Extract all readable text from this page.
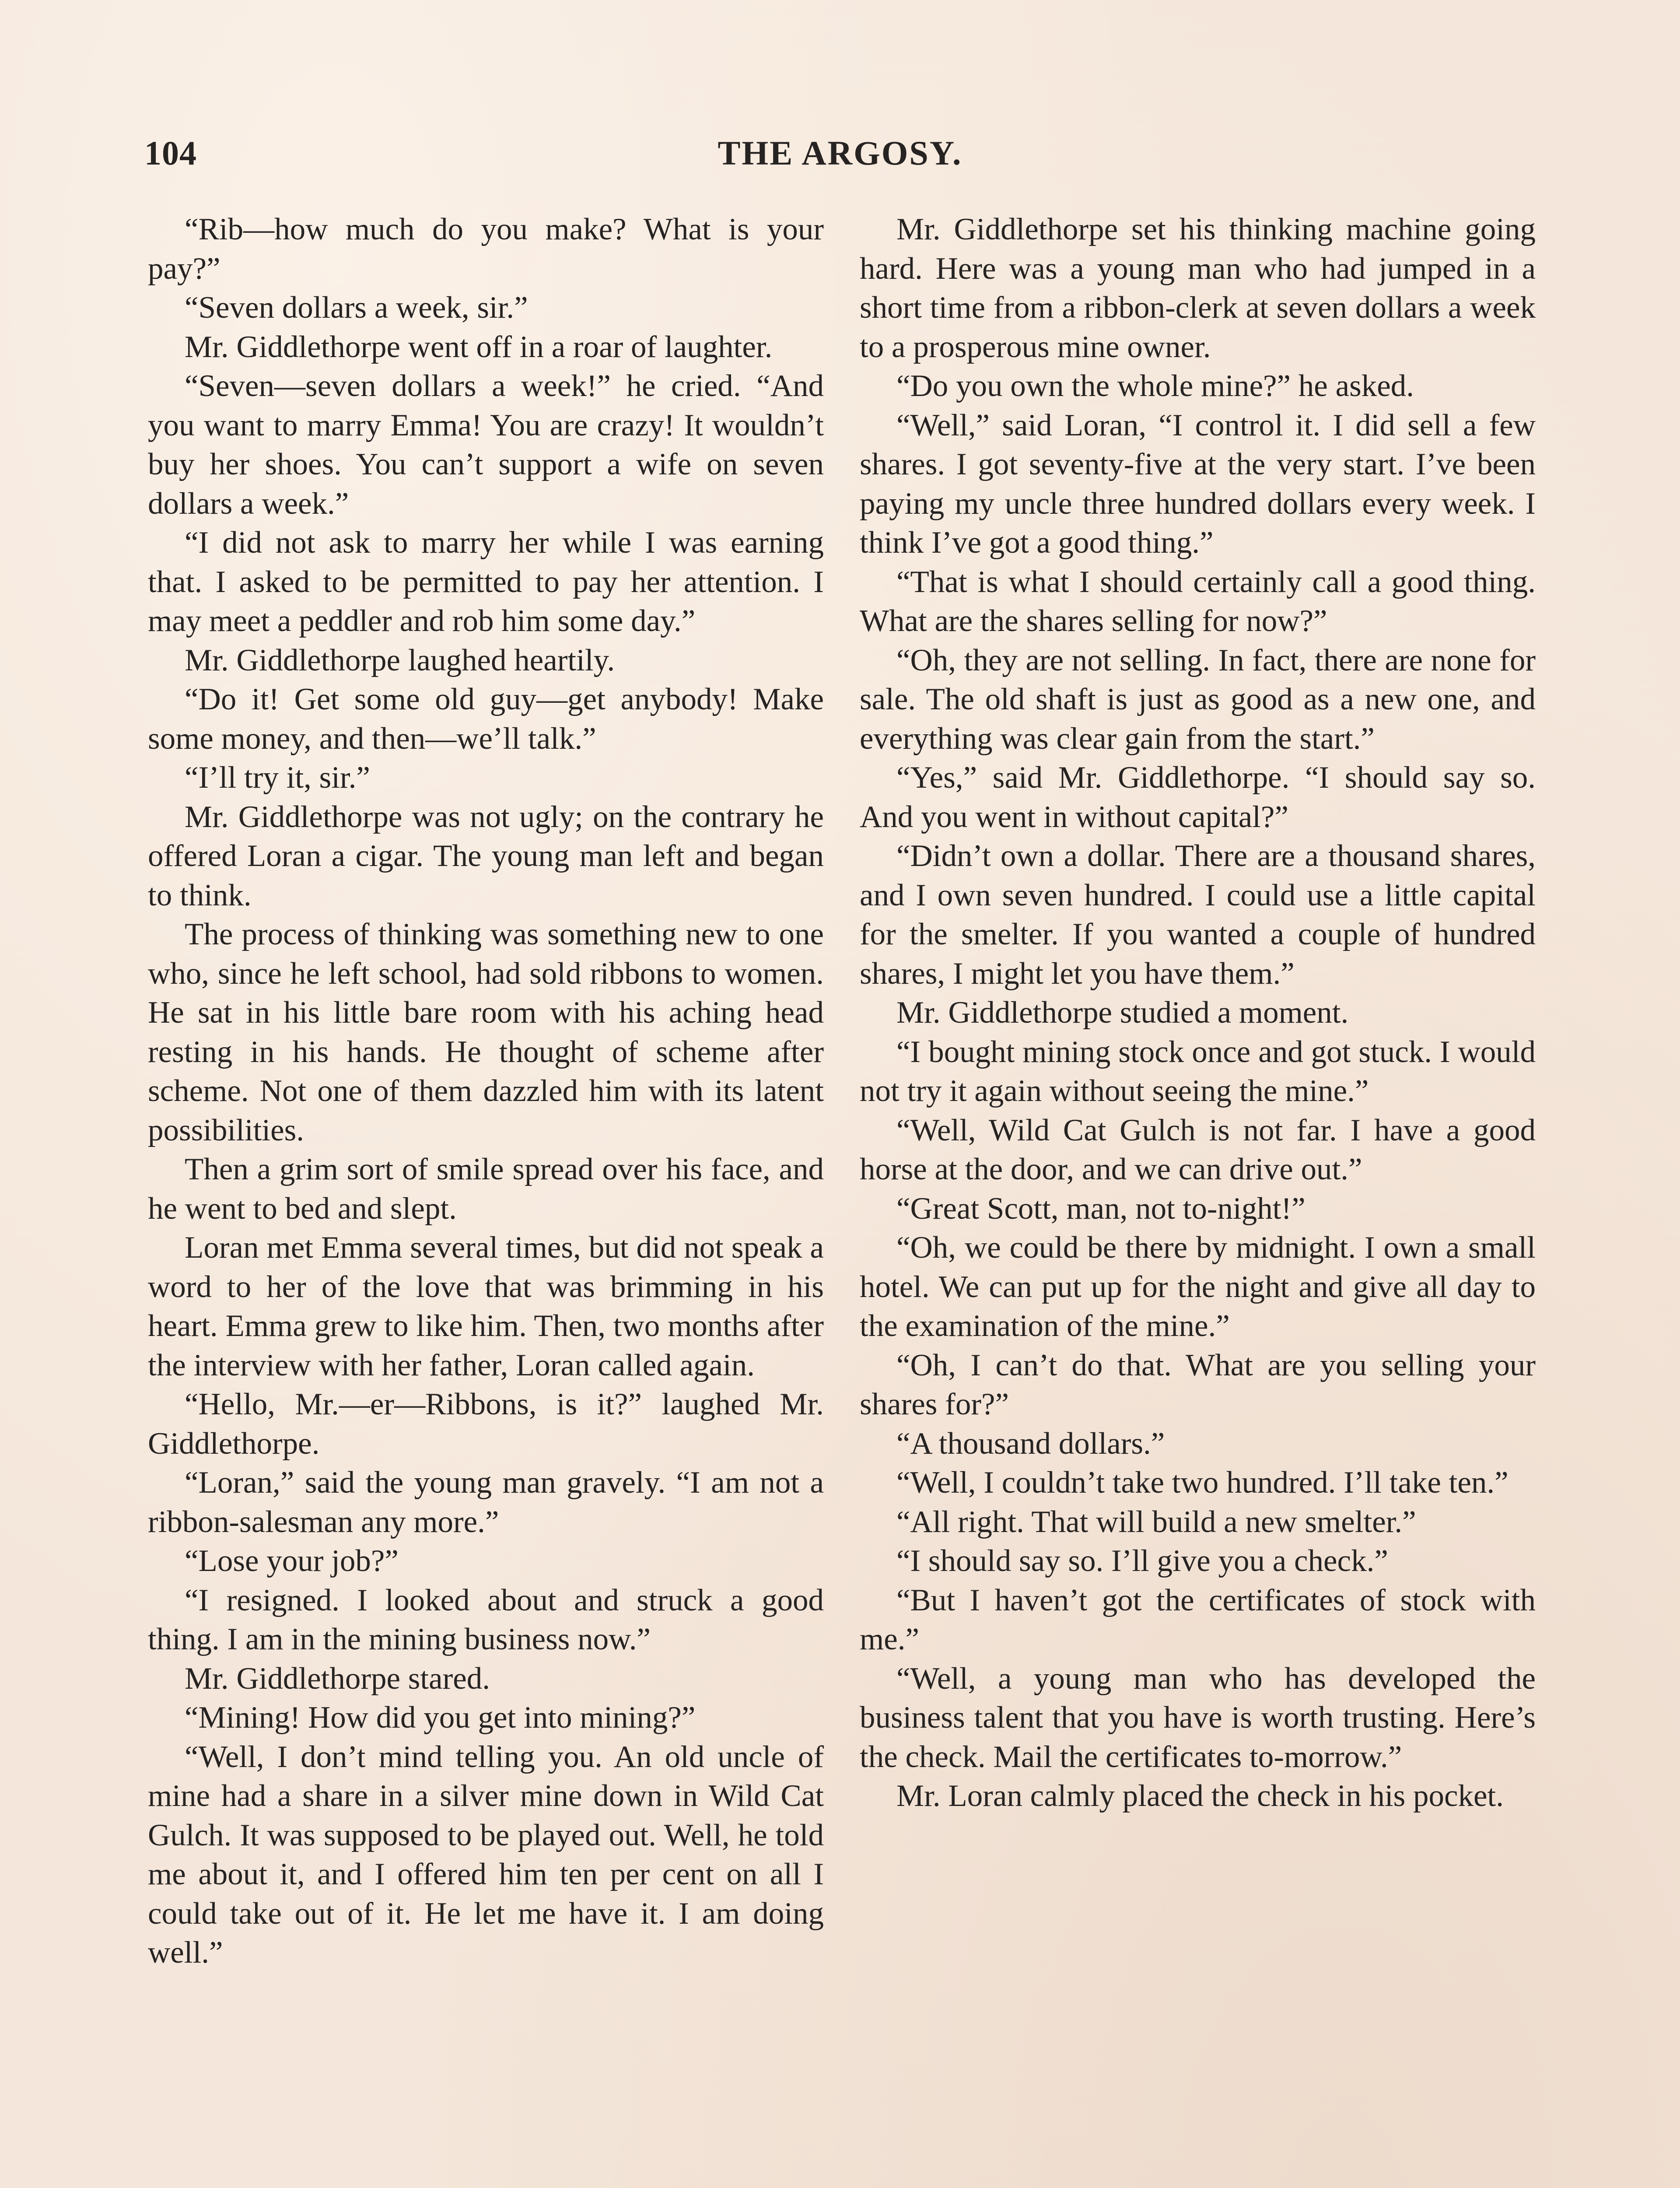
104	THE ARGOSY.

“Rib—how much do you make? What is your pay?”

“Seven dollars a week, sir.”

Mr. Giddlethorpe went off in a roar of laughter.

“Seven—seven dollars a week!” he cried. “And you want to marry Emma! You are crazy! It wouldn’t buy her shoes. You can’t support a wife on seven dollars a week.”

“I did not ask to marry her while I was earning that. I asked to be permitted to pay her attention. I may meet a peddler and rob him some day.”

Mr. Giddlethorpe laughed heartily.

“Do it! Get some old guy—get anybody! Make some money, and then—we’ll talk.”

“I’ll try it, sir.”

Mr. Giddlethorpe was not ugly; on the contrary he offered Loran a cigar. The young man left and began to think.

The process of thinking was something new to one who, since he left school, had sold ribbons to women. He sat in his little bare room with his aching head resting in his hands. He thought of scheme after scheme. Not one of them dazzled him with its latent possibilities.

Then a grim sort of smile spread over his face, and he went to bed and slept.

Loran met Emma several times, but did not speak a word to her of the love that was brimming in his heart. Emma grew to like him. Then, two months after the interview with her father, Loran called again.

“Hello, Mr.—er—Ribbons, is it?” laughed Mr. Giddlethorpe.

“Loran,” said the young man gravely. “I am not a ribbon-salesman any more.”

“Lose your job?”

“I resigned. I looked about and struck a good thing. I am in the mining business now.”

Mr. Giddlethorpe stared.

“Mining! How did you get into mining?”

“Well, I don’t mind telling you. An old uncle of mine had a share in a silver mine down in Wild Cat Gulch. It was supposed to be played out. Well, he told me about it, and I offered him ten per cent on all I could take out of it. He let me have it. I am doing well.”

Mr. Giddlethorpe set his thinking machine going hard. Here was a young man who had jumped in a short time from a ribbon-clerk at seven dollars a week to a prosperous mine owner.

“Do you own the whole mine?” he asked.

“Well,” said Loran, “I control it. I did sell a few shares. I got seventy-five at the very start. I’ve been paying my uncle three hundred dollars every week. I think I’ve got a good thing.”

“That is what I should certainly call a good thing. What are the shares selling for now?”

“Oh, they are not selling. In fact, there are none for sale. The old shaft is just as good as a new one, and everything was clear gain from the start.”

“Yes,” said Mr. Giddlethorpe. “I should say so. And you went in without capital?”

“Didn’t own a dollar. There are a thousand shares, and I own seven hundred. I could use a little capital for the smelter. If you wanted a couple of hundred shares, I might let you have them.”

Mr. Giddlethorpe studied a moment.

“I bought mining stock once and got stuck. I would not try it again without seeing the mine.”

“Well, Wild Cat Gulch is not far. I have a good horse at the door, and we can drive out.”

“Great Scott, man, not to-night!”

“Oh, we could be there by midnight. I own a small hotel. We can put up for the night and give all day to the examination of the mine.”

“Oh, I can’t do that. What are you selling your shares for?”

“A thousand dollars.”

“Well, I couldn’t take two hundred. I’ll take ten.”

“All right. That will build a new smelter.”

“I should say so. I’ll give you a check.”

“But I haven’t got the certificates of stock with me.”

“Well, a young man who has developed the business talent that you have is worth trusting. Here’s the check. Mail the certificates to-morrow.”

Mr. Loran calmly placed the check in his pocket.
